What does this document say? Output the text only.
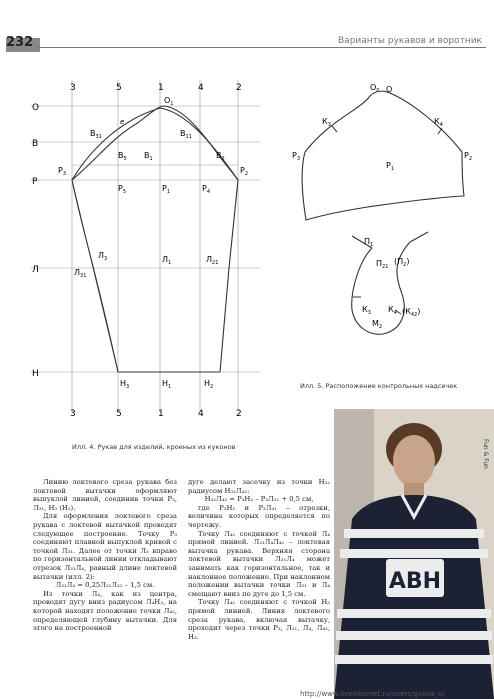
232	Варианты рукавов и воротник
3	5	1	4	2
3	5	1	4	2
О
В
Р
Л
Н
$О_1$
$В_{31}$
$В_1$
$В_{11}$
$В_5$	$В_2$
$Р_3$	$Р_2$
$Р_5$	$Р_1$	$Р_4$
$Л_3$
$Л_{31}$
$Л_1$	$Л_{21}$
$Н_3$	$Н_1$	$Н_2$
e
Илл. 4. Рукав для изделий, кроеных из куконов
$О_0$ О
$К_3$	$К_4$
$Р_3$	$Р_2$
$Р_1$
$П_1$
$П_{21}$
$(П_2)$
$К_3$ $К_4$ $(К_{42})$
$М_2$
Илл. 5. Расположение контрольных надсечек

Линию локтевого среза рукава без локтевой вытачки оформляют выпуклой линией, соединив точки Р₃, Л₃₁, Н₃ (Н₂).

Для оформления локтевого среза рукава с локтевой вытачкой проводят следующее построение. Точку Р₃ соединяют плавной выпуклой кривой с точкой Л₃₁. Далее от точки Л₃ вправо по горизонтальной линии откладывают отрезок Л₃₁Л₄, равный длине локтевой вытачки (илл. 2):

Л₃₁Л₄ = 0,25Л₂₁Л₃₁ – 1,5 см.

Из точки Л₄, как из центра, проводят дугу вниз радиусом Л₄Н₃, на которой находят положение точки Л₄₂, определяющей глубину вытачки. Для этого на построенной

дуге делают засечку из точки Н₃₂ радиусом Н₃₂Л₄₂:

Н₃₂Л₄₂ = Р₃Н₂ – Р₃Л₃₁ + 0,5 см,

где Р₃Н₂ и Р₃Л₃₁ – отрезки, величина которых определяется по чертежу.

Точку Л₄₂ соединяют с точкой Л₄ прямой линией. Л₃₁Л₄Л₄₂ – локтевая вытачка рукава. Верхняя сторона локтевой вытачки Л₃₁Л₄ может занимать как горизонтальное, так и наклонное положение. При наклонном положении вытачки точки Л₃₁ и Л₄ смещают вниз по дуге до 1,5 см.

Точку Л₄₂ соединяют с точкой Н₃ прямой линией. Линия локтевого среза рукава, включая вытачку, проходит через точки Р₃, Л₃₁, Л₄, Л₄₂, Н₃.

ABH
Fun & Fun
http://www.liveinternet.ru/users/galina_o/
